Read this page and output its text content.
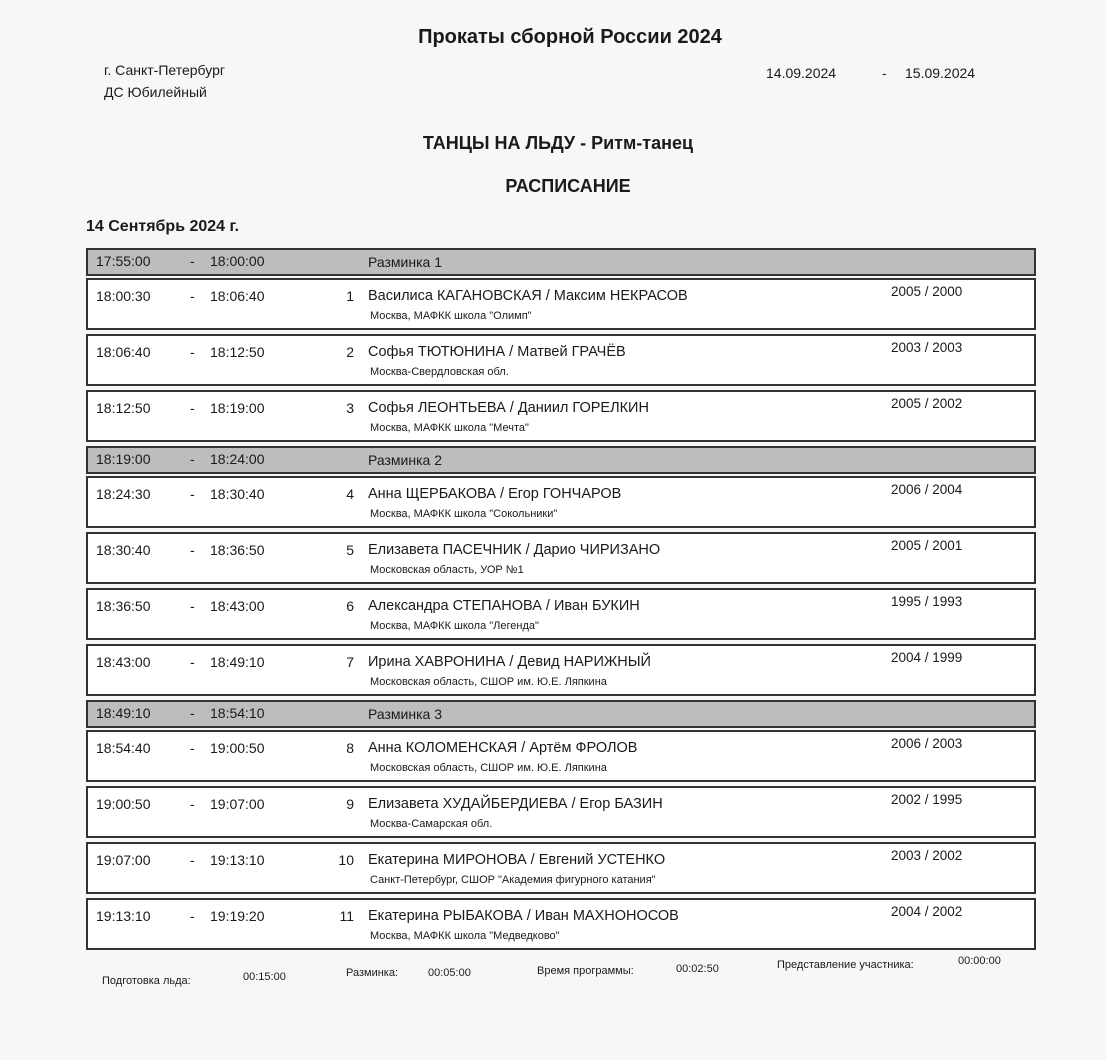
Прокаты сборной России 2024
г. Санкт-Петербург
ДС Юбилейный
14.09.2024	- 15.09.2024
ТАНЦЫ НА ЛЬДУ - Ритм-танец
РАСПИСАНИЕ
14 Сентябрь 2024 г.
17:55:00	- 18:00:00	Разминка 1
18:00:30	- 18:06:40	1 Василиса КАГАНОВСКАЯ / Максим НЕКРАСОВ
Москва, МАФКК школа "Олимп"
2005 / 2000
18:06:40	- 18:12:50	2 Софья ТЮТЮНИНА / Матвей ГРАЧЁВ
Москва-Свердловская обл.
2003 / 2003
18:12:50	- 18:19:00	3 Софья ЛЕОНТЬЕВА / Даниил ГОРЕЛКИН
Москва, МАФКК школа "Мечта"
2005 / 2002
18:19:00	- 18:24:00	Разминка 2
18:24:30	- 18:30:40	4 Анна ЩЕРБАКОВА / Егор ГОНЧАРОВ
Москва, МАФКК школа "Сокольники"
2006 / 2004
18:30:40	- 18:36:50	5 Елизавета ПАСЕЧНИК / Дарио ЧИРИЗАНО
Московская область, УОР №1
2005 / 2001
18:36:50	- 18:43:00	6 Александра СТЕПАНОВА / Иван БУКИН
Москва, МАФКК школа "Легенда"
1995 / 1993
18:43:00	- 18:49:10	7 Ирина ХАВРОНИНА / Девид НАРИЖНЫЙ
Московская область, СШОР им. Ю.Е. Ляпкина
2004 / 1999
18:49:10	- 18:54:10	Разминка 3
18:54:40	- 19:00:50	8 Анна КОЛОМЕНСКАЯ / Артём ФРОЛОВ
Московская область, СШОР им. Ю.Е. Ляпкина
2006 / 2003
19:00:50	- 19:07:00	9 Елизавета ХУДАЙБЕРДИЕВА / Егор БАЗИН
Москва-Самарская обл.
2002 / 1995
19:07:00	- 19:13:10	10 Екатерина МИРОНОВА / Евгений УСТЕНКО
Санкт-Петербург, СШОР "Академия фигурного катания"
2003 / 2002
19:13:10	- 19:19:20	11 Екатерина РЫБАКОВА / Иван МАХНОНОСОВ
Москва, МАФКК школа "Медведково"
2004 / 2002
Подготовка льда:	00:15:00	Разминка:	00:05:00	Время программы:	00:02:50	Представление участника:	00:00:00
